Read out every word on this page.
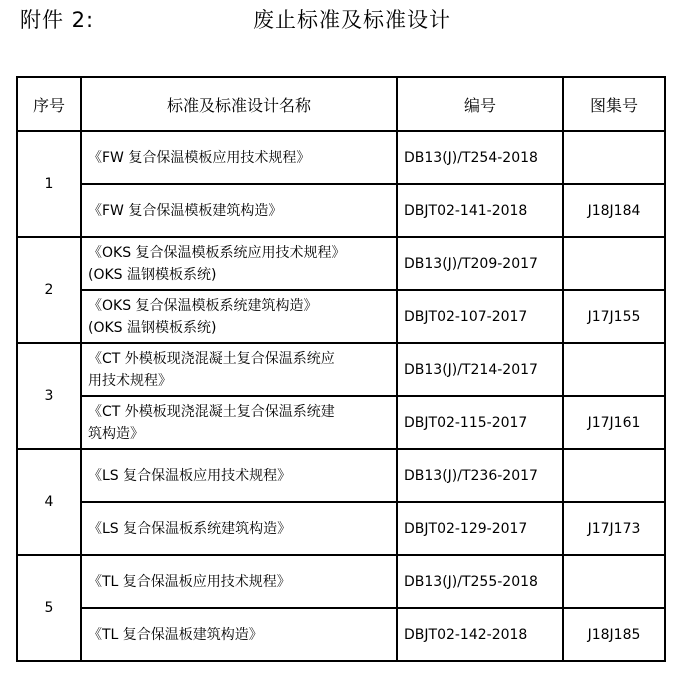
附件 2:	废止标准及标准设计
序号	标准及标准设计名称	编号	图集号
1	《FW 复合保温模板应用技术规程》	DB13(J)/T254-2018	

	《FW 复合保温模板建筑构造》	DBJT02-141-2018	J18J184
2	《OKS 复合保温模板系统应用技术规程》
(OKS 温钢模板系统)	DB13(J)/T209-2017	

	《OKS 复合保温模板系统建筑构造》
(OKS 温钢模板系统)	DBJT02-107-2017	J17J155
3	《CT 外模板现浇混凝土复合保温系统应
用技术规程》	DB13(J)/T214-2017	

	《CT 外模板现浇混凝土复合保温系统建
筑构造》	DBJT02-115-2017	J17J161
4	《LS 复合保温板应用技术规程》	DB13(J)/T236-2017	

	《LS 复合保温板系统建筑构造》	DBJT02-129-2017	J17J173
5	《TL 复合保温板应用技术规程》	DB13(J)/T255-2018	

	《TL 复合保温板建筑构造》	DBJT02-142-2018	J18J185
